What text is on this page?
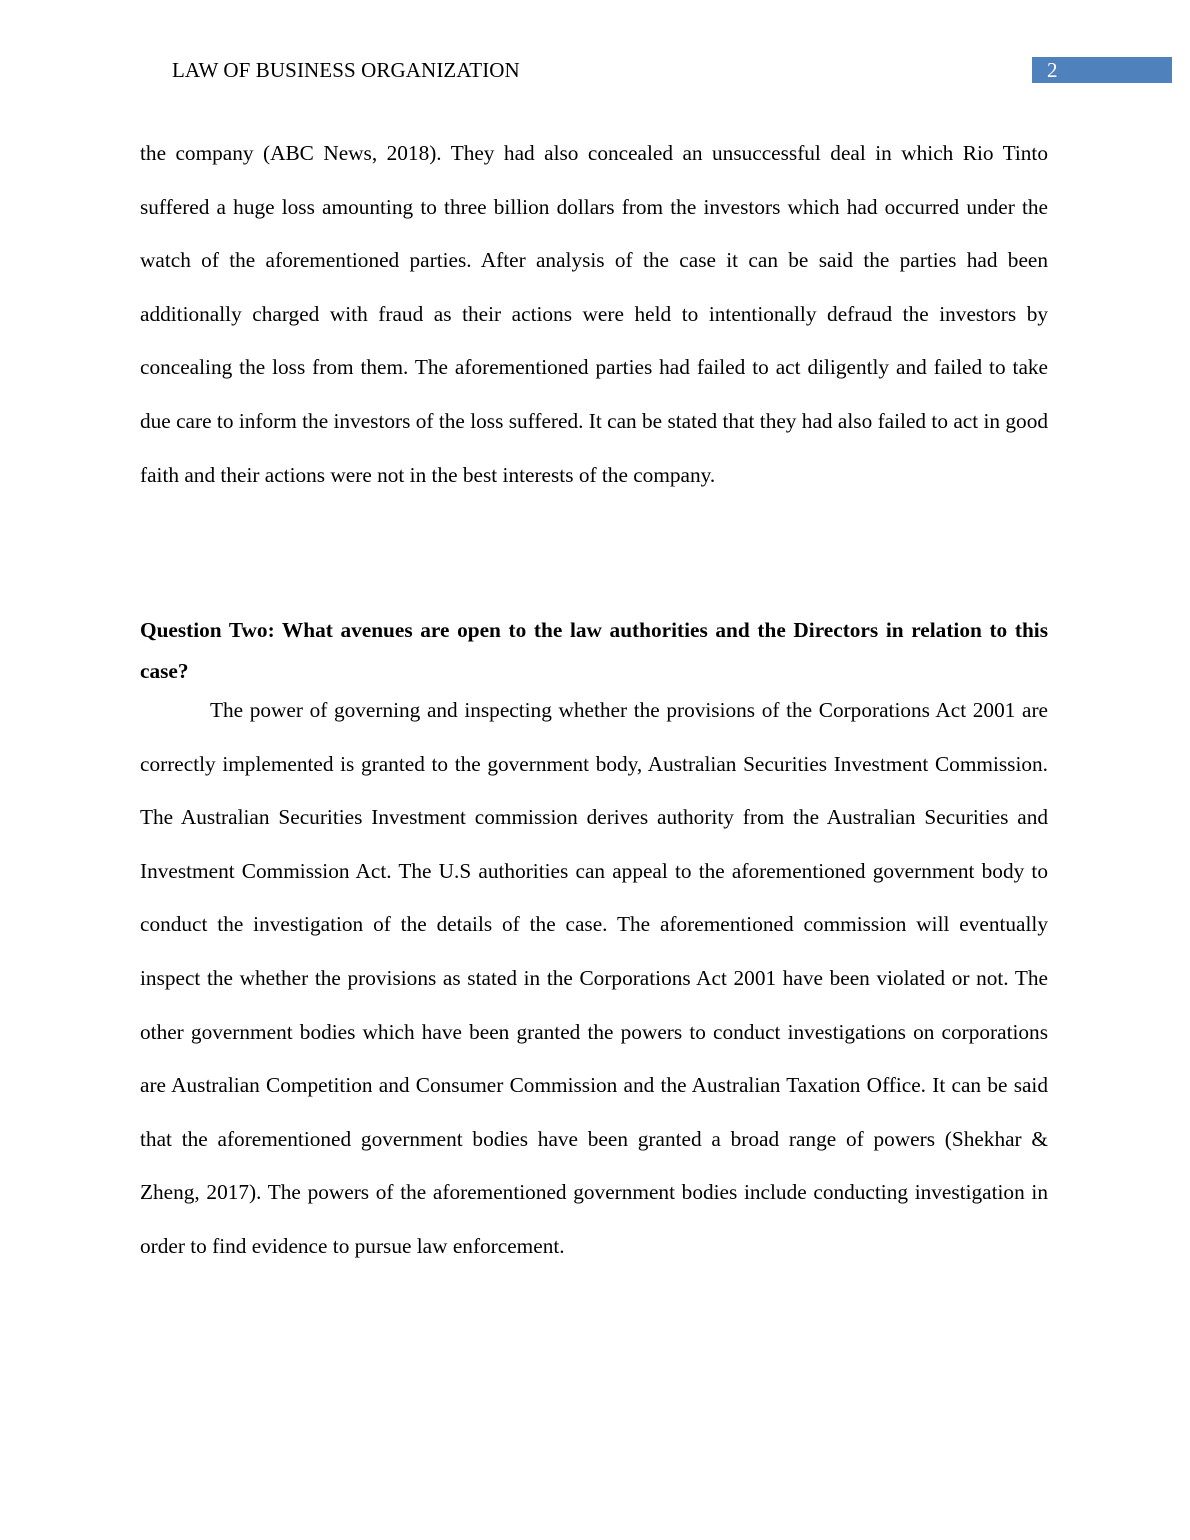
LAW OF BUSINESS ORGANIZATION	2

the company (ABC News, 2018). They had also concealed an unsuccessful deal in which Rio Tinto suffered a huge loss amounting to three billion dollars from the investors which had occurred under the watch of the aforementioned parties. After analysis of the case it can be said the parties had been additionally charged with fraud as their actions were held to intentionally defraud the investors by concealing the loss from them. The aforementioned parties had failed to act diligently and failed to take due care to inform the investors of the loss suffered. It can be stated that they had also failed to act in good faith and their actions were not in the best interests of the company.

Question Two: What avenues are open to the law authorities and the Directors in relation to this case?

The power of governing and inspecting whether the provisions of the Corporations Act 2001 are correctly implemented is granted to the government body, Australian Securities Investment Commission. The Australian Securities Investment commission derives authority from the Australian Securities and Investment Commission Act. The U.S authorities can appeal to the aforementioned government body to conduct the investigation of the details of the case. The aforementioned commission will eventually inspect the whether the provisions as stated in the Corporations Act 2001 have been violated or not. The other government bodies which have been granted the powers to conduct investigations on corporations are Australian Competition and Consumer Commission and the Australian Taxation Office. It can be said that the aforementioned government bodies have been granted a broad range of powers (Shekhar & Zheng, 2017). The powers of the aforementioned government bodies include conducting investigation in order to find evidence to pursue law enforcement.
